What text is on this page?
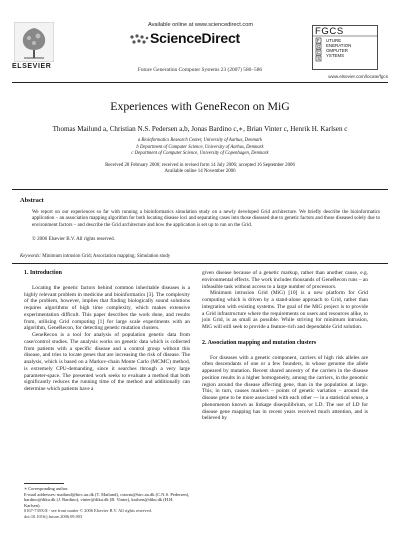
ELSEVIER
Available online at www.sciencedirect.com
ScienceDirect
Future Generation Computer Systems 23 (2007) 580–586
F
G
C
S
FGCS
UTURE
ENERATION
OMPUTER
YSTEMS
www.elsevier.com/locate/fgcs
Experiences with GeneRecon on MiG
Thomas Mailund a, Christian N.S. Pedersen a,b, Jonas Bardino c,∗, Brian Vinter c, Henrik H. Karlsen c
a Bioinformatics Research Center, University of Aarhus, Denmark
b Department of Computer Science, University of Aarhus, Denmark
c Department of Computer Science, University of Copenhagen, Denmark
Received 28 February 2006; received in revised form 14 July 2006; accepted 16 September 2006
Available online 14 November 2006
Abstract
We report on our experiences so far with running a bioinformatics simulation study on a newly developed Grid architecture. We briefly describe the bioinformatics application – an association mapping algorithm for both locating disease loci and separating cases into those diseased due to genetic factors and those diseased solely due to environment factors – and describe the Grid architecture and how the application is set up to run on the Grid.
© 2006 Elsevier B.V. All rights reserved.
Keywords: Minimum intrusion Grid; Association mapping; Simulation study
1. Introduction
Locating the genetic factors behind common inheritable diseases is a highly relevant problem in medicine and bioinformatics [3]. The complexity of the problem, however, implies that finding biologically sound solutions requires algorithms of high time complexity, which makes extensive experimentation difficult. This paper describes the work done, and results from, utilising Grid computing [1] for large scale experiments with an algorithm, GeneRecon, for detecting genetic mutation clusters.
GeneRecon is a tool for analysis of population genetic data from case/control studies. The analysis works on genetic data which is collected from patients with a specific disease and a control group without this disease, and tries to locate genes that are increasing the risk of disease. The analysis, which is based on a Markov-chain Monte Carlo (MCMC) method, is extremely CPU-demanding, since it searches through a very large parameter-space. The presented work seeks to evaluate a method that both significantly reduces the running time of the method and additionally can determine which patients have a
∗ Corresponding author.
E-mail addresses: mailund@birc.au.dk (T. Mailund), cstorm@birc.au.dk (C.N.S. Pedersen), bardino@diku.dk (J. Bardino), vinter@diku.dk (B. Vinter), karlsen@diku.dk (H.H. Karlsen).
0167-739X/$ - see front matter © 2006 Elsevier B.V. All rights reserved.
doi:10.1016/j.future.2006.09.003
given disease because of a genetic markup, rather than another cause, e.g. environmental effects. The work includes thousands of GeneRecon runs – an infeasible task without access to a large number of processors.
Minimum intrusion Grid (MiG) [10] is a new platform for Grid computing which is driven by a stand-alone approach to Grid, rather than integration with existing systems. The goal of the MiG project is to provide a Grid infrastructure where the requirements on users and resources alike, to join Grid, is as small as possible. While striving for minimum intrusion, MiG will still seek to provide a feature-rich and dependable Grid solution.
2. Association mapping and mutation clusters
For diseases with a genetic component, carriers of high risk alleles are often descendants of one or a few founders, in whose genome the allele appeared by mutation. Recent shared ancestry of the carriers in the disease position results in a higher homogeneity, among the carriers, in the genomic region around the disease affecting gene, than in the population at large. This, in turn, causes markers – points of genetic variation – around the disease gene to be more associated with each other — in a statistical sense, a phenomenon known as linkage disequilibrium, or LD. The use of LD for disease gene mapping has in recent years received much attention, and is believed by
